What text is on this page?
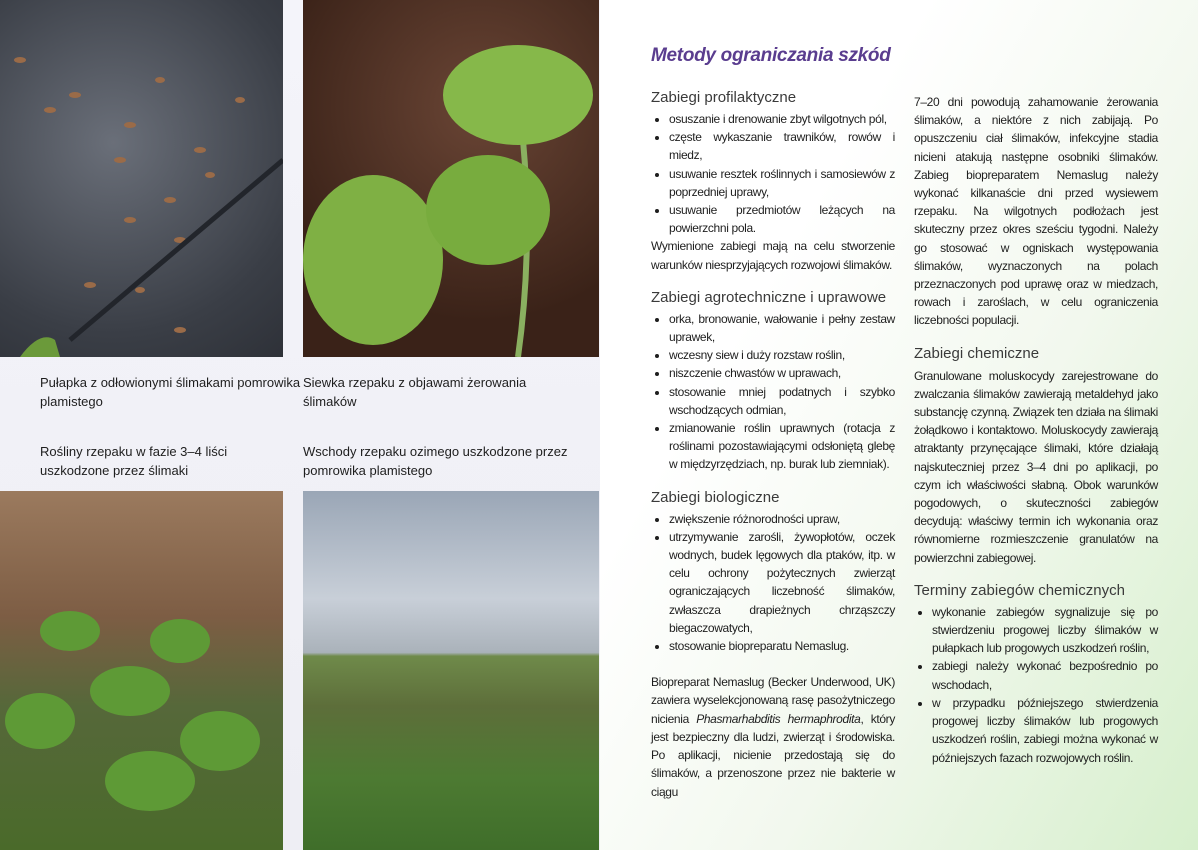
Pułapka z odłowionymi ślimakami pomrowika plamistego
Siewka rzepaku z objawami żerowania ślimaków
Rośliny rzepaku w fazie 3–4 liści uszkodzone przez ślimaki
Wschody rzepaku ozimego uszkodzone przez pomrowika plamistego
Metody ograniczania szkód
Zabiegi profilaktyczne
• osuszanie i drenowanie zbyt wilgotnych pól,
• częste wykaszanie trawników, rowów i miedz,
• usuwanie resztek roślinnych i samosiewów z poprzedniej uprawy,
• usuwanie przedmiotów leżących na powierzchni pola.

Wymienione zabiegi mają na celu stworzenie warunków niesprzyjających rozwojowi ślimaków.

Zabiegi agrotechniczne i uprawowe
• orka, bronowanie, wałowanie i pełny zestaw uprawek,
• wczesny siew i duży rozstaw roślin,
• niszczenie chwastów w uprawach,
• stosowanie mniej podatnych i szybko wschodzących odmian,
• zmianowanie roślin uprawnych (rotacja z roślinami pozostawiającymi odsłoniętą glebę w międzyrzędziach, np. burak lub ziemniak).
Zabiegi biologiczne
• zwiększenie różnorodności upraw,
• utrzymywanie zarośli, żywopłotów, oczek wodnych, budek lęgowych dla ptaków, itp. w celu ochrony pożytecznych zwierząt ograniczających liczebność ślimaków, zwłaszcza drapieżnych chrząszczy biegaczowatych,
• stosowanie biopreparatu Nemaslug.

Biopreparat Nemaslug (Becker Underwood, UK) zawiera wyselekcjonowaną rasę pasożytniczego nicienia Phasmarhabditis hermaphrodita, który jest bezpieczny dla ludzi, zwierząt i środowiska. Po aplikacji, nicienie przedostają się do ślimaków, a przenoszone przez nie bakterie w ciągu

7–20 dni powodują zahamowanie żerowania ślimaków, a niektóre z nich zabijają. Po opuszczeniu ciał ślimaków, infekcyjne stadia nicieni atakują następne osobniki ślimaków. Zabieg biopreparatem Nemaslug należy wykonać kilkanaście dni przed wysiewem rzepaku. Na wilgotnych podłożach jest skuteczny przez okres sześciu tygodni. Należy go stosować w ogniskach występowania ślimaków, wyznaczonych na polach przeznaczonych pod uprawę oraz w miedzach, rowach i zaroślach, w celu ograniczenia liczebności populacji.

Zabiegi chemiczne

Granulowane moluskocydy zarejestrowane do zwalczania ślimaków zawierają metaldehyd jako substancję czynną. Związek ten działa na ślimaki żołądkowo i kontaktowo. Moluskocydy zawierają atraktanty przynęcające ślimaki, które działają najskuteczniej przez 3–4 dni po aplikacji, po czym ich właściwości słabną. Obok warunków pogodowych, o skuteczności zabiegów decydują: właściwy termin ich wykonania oraz równomierne rozmieszczenie granulatów na powierzchni zabiegowej.

Terminy zabiegów chemicznych
• wykonanie zabiegów sygnalizuje się po stwierdzeniu progowej liczby ślimaków w pułapkach lub progowych uszkodzeń roślin,
• zabiegi należy wykonać bezpośrednio po wschodach,
• w przypadku późniejszego stwierdzenia progowej liczby ślimaków lub progowych uszkodzeń roślin, zabiegi można wykonać w późniejszych fazach rozwojowych roślin.
